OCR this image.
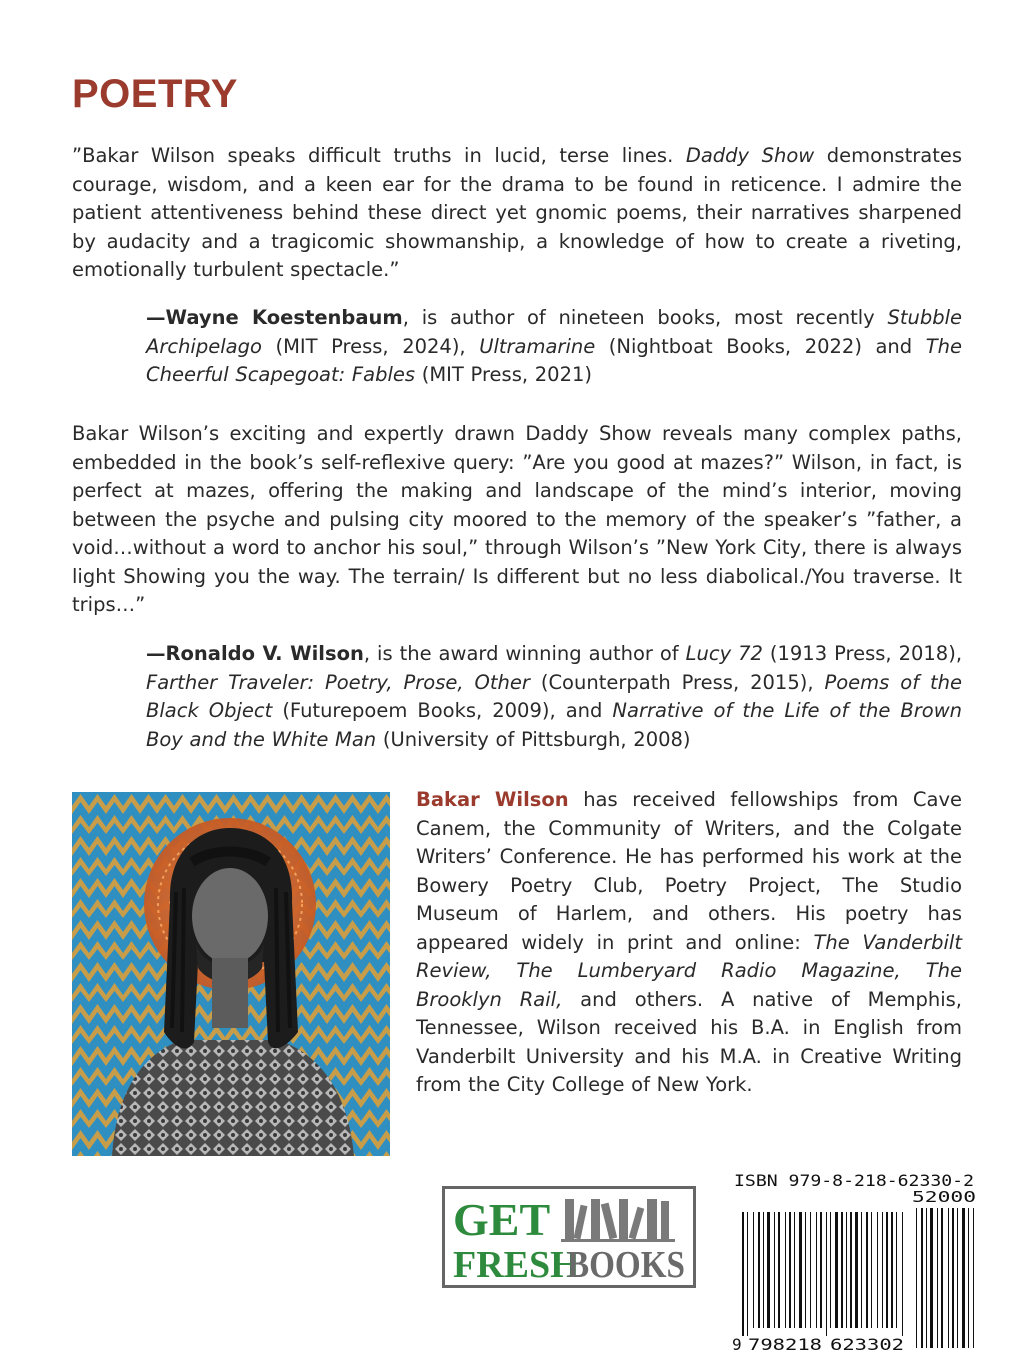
POETRY

”Bakar Wilson speaks difficult truths in lucid, terse lines. Daddy Show demonstrates courage, wisdom, and a keen ear for the drama to be found in reticence. I admire the patient attentiveness behind these direct yet gnomic poems, their narratives sharpened by audacity and a tragicomic showmanship, a knowledge of how to create a riveting, emotionally turbulent spectacle.”

—Wayne Koestenbaum, is author of nineteen books, most recently Stubble Archipelago (MIT Press, 2024), Ultramarine (Nightboat Books, 2022) and The Cheerful Scapegoat: Fables (MIT Press, 2021)

Bakar Wilson’s exciting and expertly drawn Daddy Show reveals many complex paths, embedded in the book’s self-reflexive query: ”Are you good at mazes?” Wilson, in fact, is perfect at mazes, offering the making and landscape of the mind’s interior, moving between the psyche and pulsing city moored to the memory of the speaker’s ”father, a void…without a word to anchor his soul,” through Wilson’s ”New York City, there is always light Showing you the way. The terrain/ Is different but no less diabolical./You traverse. It trips…”

—Ronaldo V. Wilson, is the award winning author of Lucy 72 (1913 Press, 2018), Farther Traveler: Poetry, Prose, Other (Counterpath Press, 2015), Poems of the Black Object (Futurepoem Books, 2009), and Narrative of the Life of the Brown Boy and the White Man (University of Pittsburgh, 2008)

Bakar Wilson has received fellowships from Cave Canem, the Community of Writers, and the Colgate Writers’ Conference. He has performed his work at the Bowery Poetry Club, Poetry Project, The Studio Museum of Harlem, and others. His poetry has appeared widely in print and online: The Vanderbilt Review, The Lumberyard Radio Magazine, The Brooklyn Rail, and others. A native of Memphis, Tennessee, Wilson received his B.A. in English from Vanderbilt University and his M.A. in Creative Writing from the City College of New York.

GET
FRESH
BOOKS
ISBN 979-8-218-62330-2
52000
9 798218 623302
